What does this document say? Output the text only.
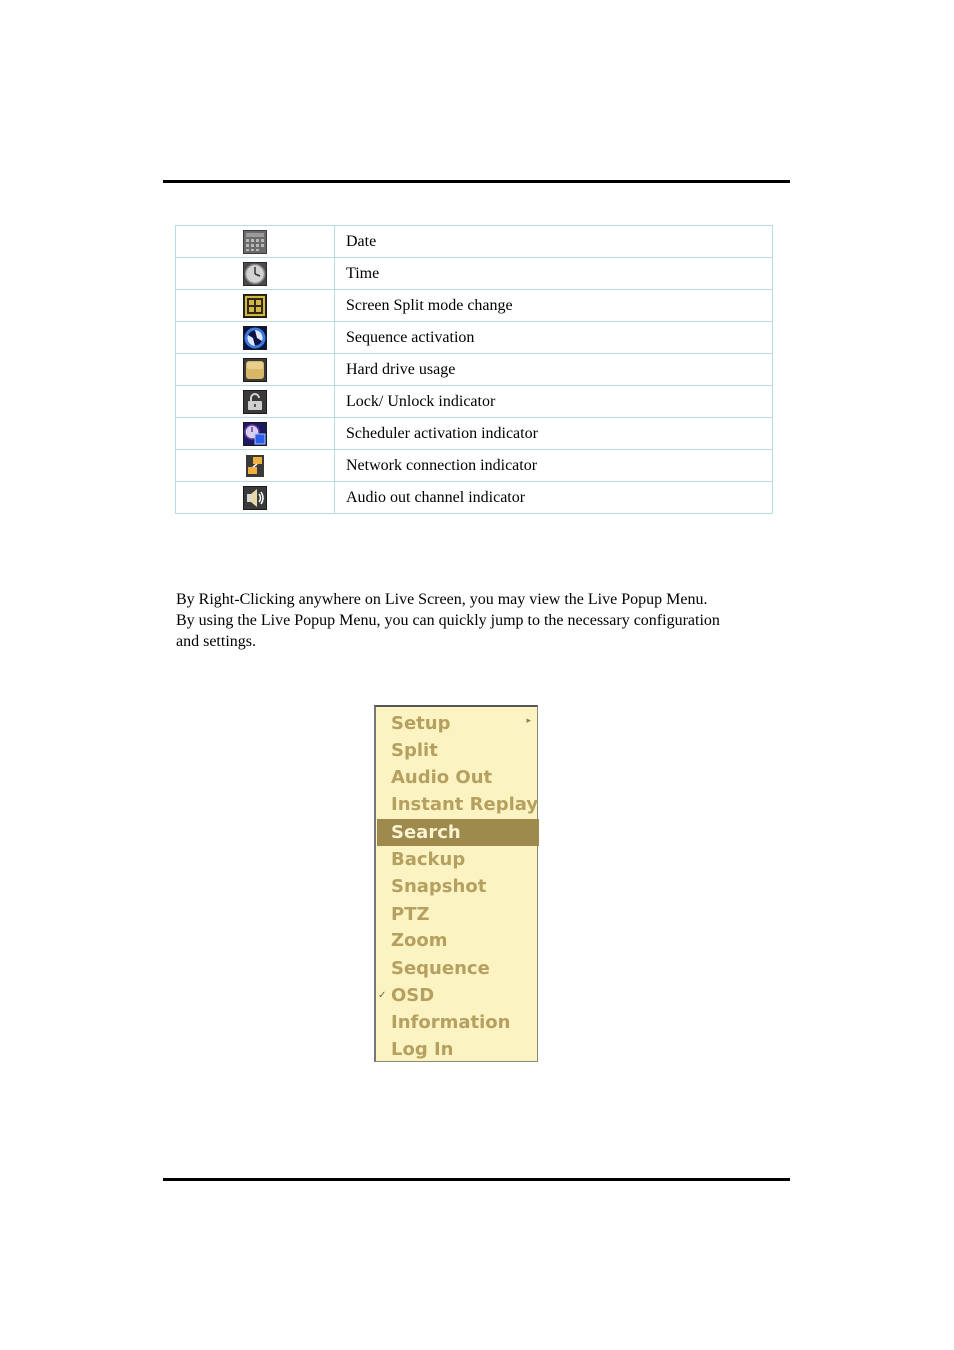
	Date
	Time
	Screen Split mode change
	Sequence activation
	Hard drive usage
	Lock/ Unlock indicator
	Scheduler activation indicator
	Network connection indicator
	Audio out channel indicator

By Right-Clicking anywhere on Live Screen, you may view the Live Popup Menu.
By using the Live Popup Menu, you can quickly jump to the necessary configuration
and settings.

Setup	▸
Split
Audio Out
Instant Replay
Search
Backup
Snapshot
PTZ
Zoom
Sequence
✓ OSD
Information
Log In
